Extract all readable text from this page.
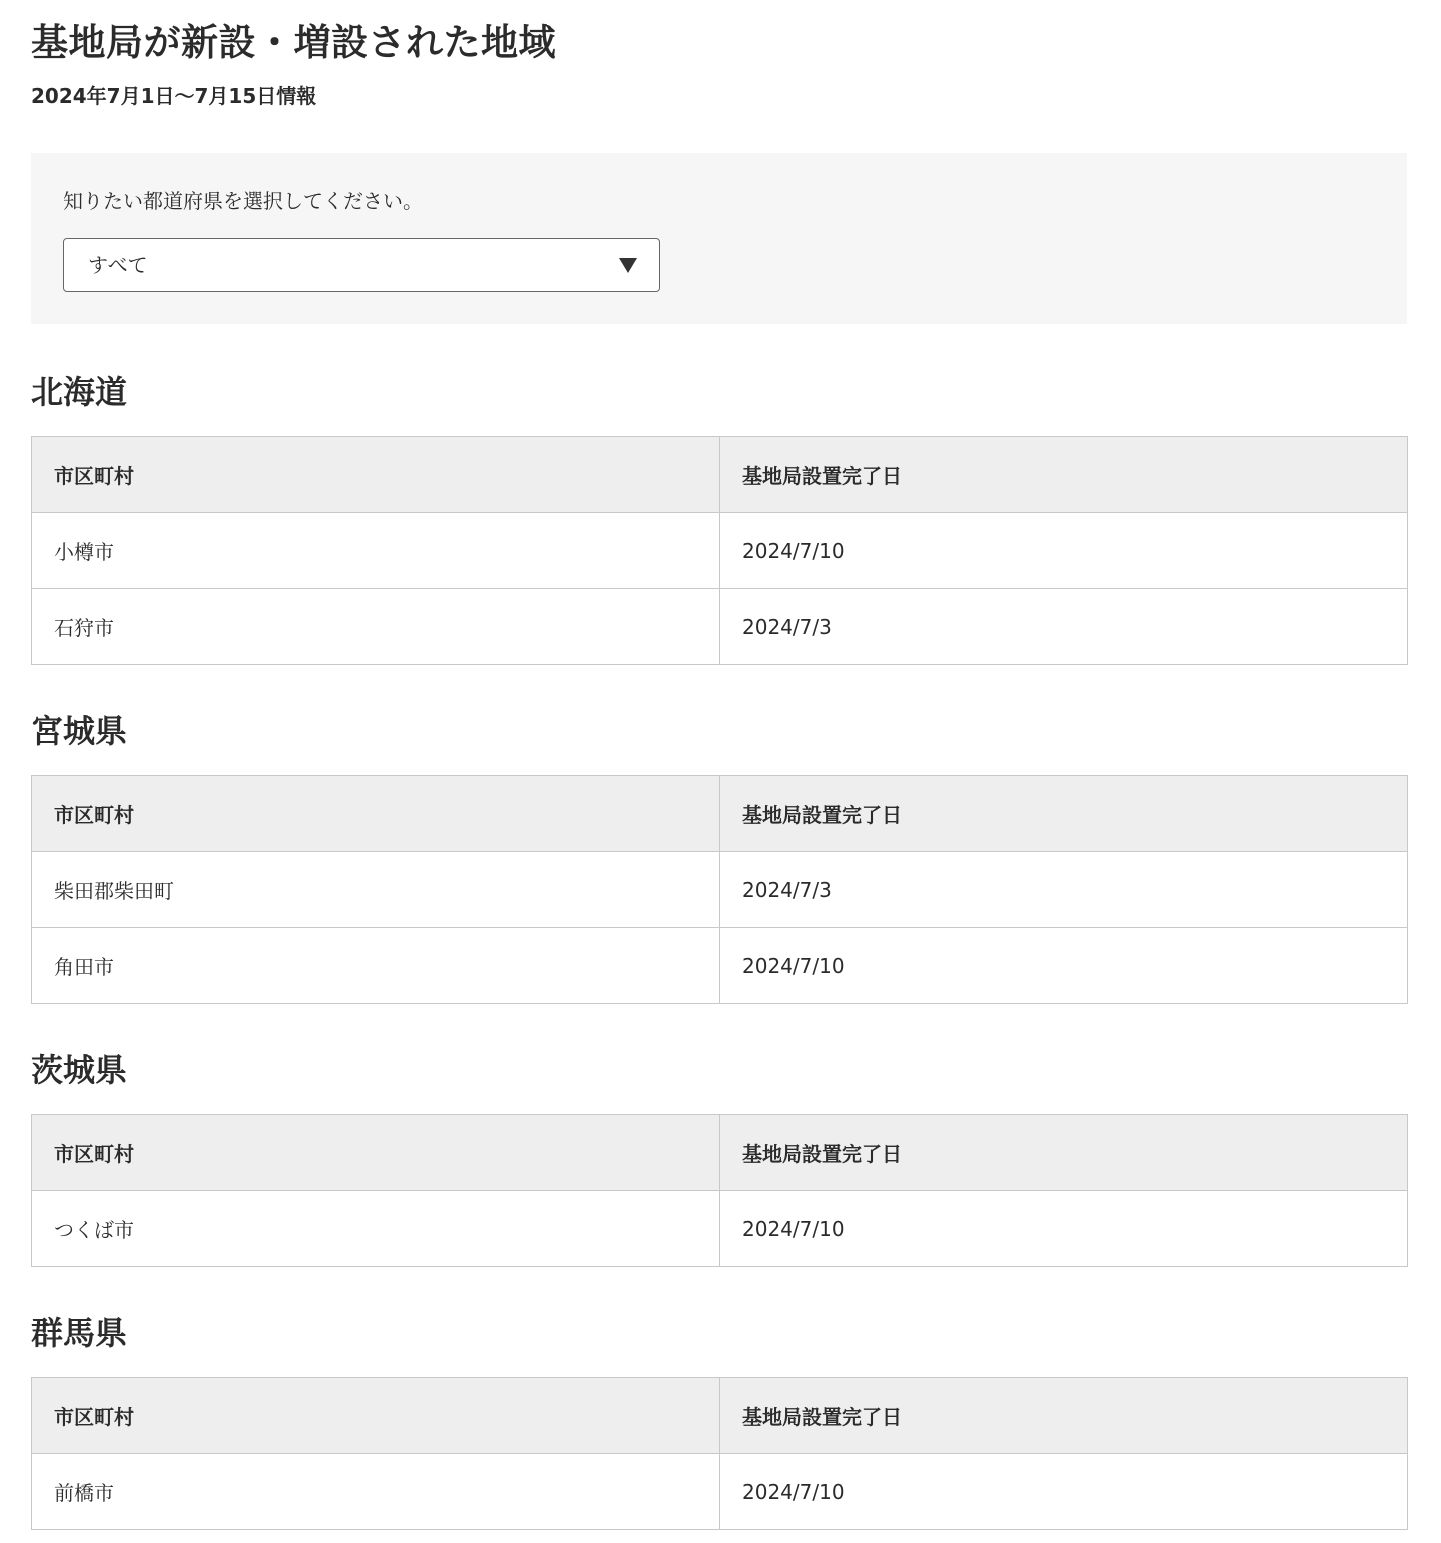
基地局が新設・増設された地域
2024年7月1日〜7月15日情報
知りたい都道府県を選択してください。
すべて
北海道
市区町村	基地局設置完了日
小樽市	2024/7/10
石狩市	2024/7/3
宮城県
市区町村	基地局設置完了日
柴田郡柴田町	2024/7/3
角田市	2024/7/10
茨城県
市区町村	基地局設置完了日
つくば市	2024/7/10
群馬県
市区町村	基地局設置完了日
前橋市	2024/7/10
